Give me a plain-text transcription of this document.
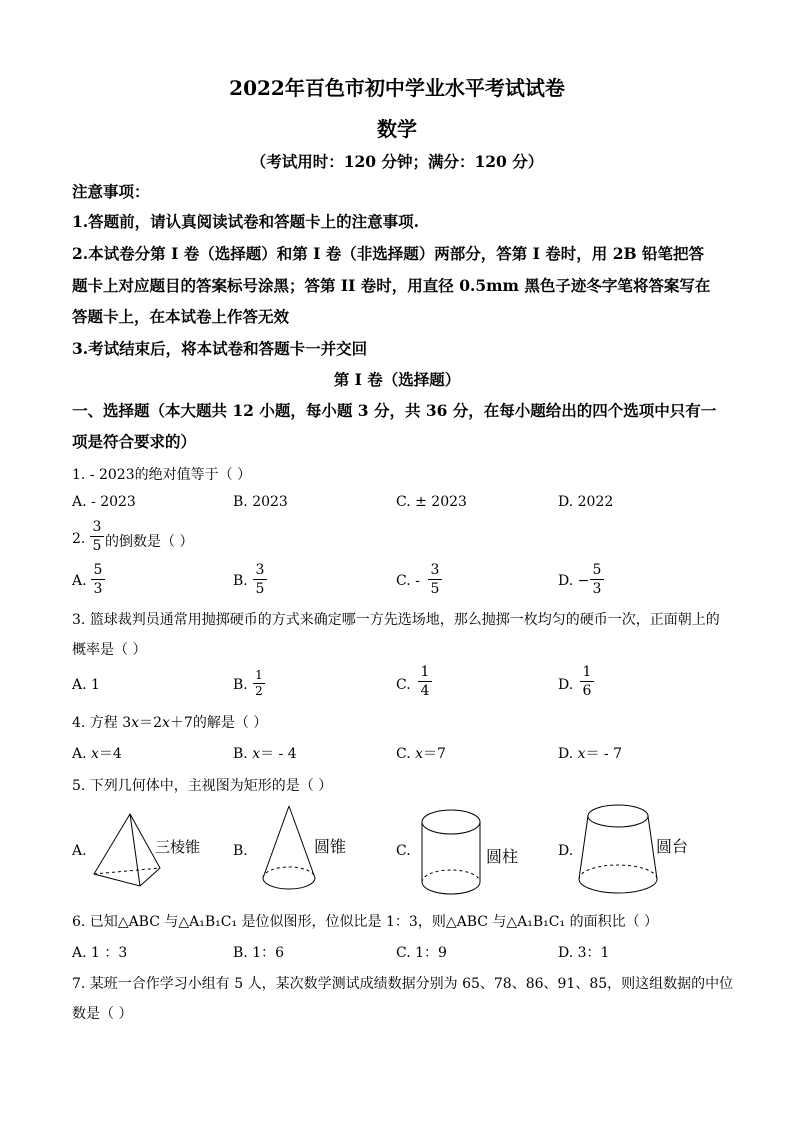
2022年百色市初中学业水平考试试卷
数学
（考试用时：120 分钟；满分：120 分）
注意事项：
1.答题前，请认真阅读试卷和答题卡上的注意事项.
2.本试卷分第 I 卷（选择题）和第 I 卷（非选择题）两部分，答第 I 卷时，用 2B 铅笔把答
题卡上对应题目的答案标号涂黑；答第 II 卷时，用直径 0.5mm 黑色子迹冬字笔将答案写在
答题卡上，在本试卷上作答无效
3.考试结束后，将本试卷和答题卡一并交回
第 I 卷（选择题）
一、选择题（本大题共 12 小题，每小题 3 分，共 36 分，在每小题给出的四个选项中只有一
项是符合要求的）
1. - 2023的绝对值等于（ ）
A. - 2023	B. 2023	C. ± 2023	D. 2022
2.
3
5 的倒数是（ ）
A.
5
3	B.
3
5	C. -
3
5	D. −
5
3
3. 篮球裁判员通常用抛掷硬币的方式来确定哪一方先选场地，那么抛掷一枚均匀的硬币一次，正面朝上的
概率是（ ）
A. 1	B.
1
2	C.
1
4	D.
1
6
4. 方程 3x＝2x＋7的解是（ ）
A. x＝4	B. x＝ - 4	C. x＝7	D. x＝ - 7
5. 下列几何体中，主视图为矩形的是（ ）
A.	三棱锥 B.	圆锥	C.	圆柱	D.	圆台
6. 已知△ABC 与△A₁B₁C₁ 是位似图形，位似比是 1：3，则△ABC 与△A₁B₁C₁ 的面积比（ ）
A. 1 ：3	B. 1：6	C. 1：9	D. 3：1
7. 某班一合作学习小组有 5 人，某次数学测试成绩数据分别为 65、78、86、91、85，则这组数据的中位
数是（ ）
